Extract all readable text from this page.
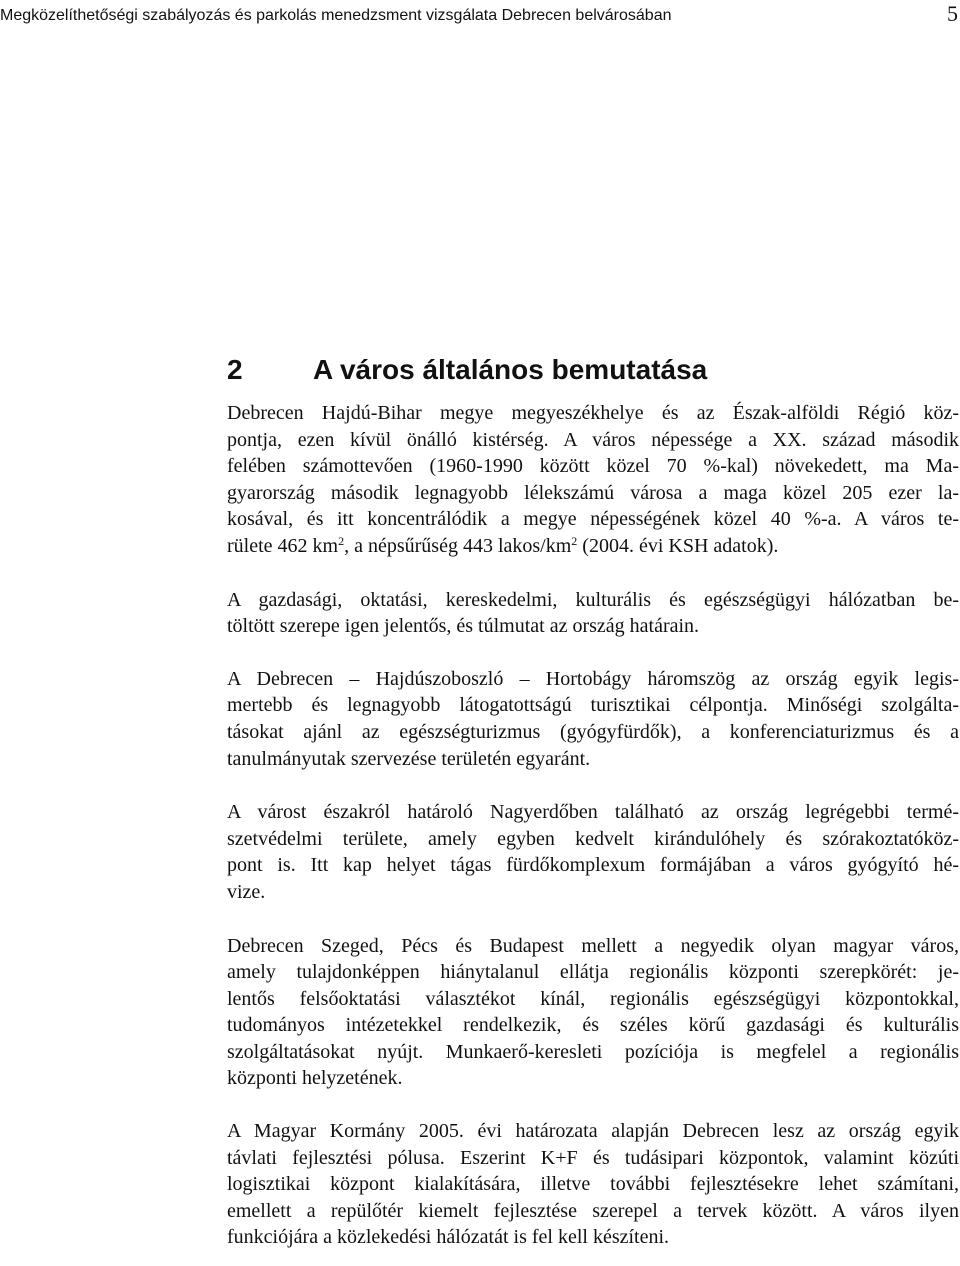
Megközelíthetőségi szabályozás és parkolás menedzsment vizsgálata Debrecen belvárosában	5
2	A város általános bemutatása

Debrecen Hajdú-Bihar megye megyeszékhelye és az Észak-alföldi Régió köz-
pontja, ezen kívül önálló kistérség. A város népessége a XX. század második
felében számottevően (1960-1990 között közel 70 %-kal) növekedett, ma Ma-
gyarország második legnagyobb lélekszámú városa a maga közel 205 ezer la-
kosával, és itt koncentrálódik a megye népességének közel 40 %-a. A város te-
rülete 462 $km^2$, a népsűrűség 443 lakos/$km^2$ (2004. évi KSH adatok).

A gazdasági, oktatási, kereskedelmi, kulturális és egészségügyi hálózatban be-
töltött szerepe igen jelentős, és túlmutat az ország határain.

A Debrecen – Hajdúszoboszló – Hortobágy háromszög az ország egyik legis-
mertebb és legnagyobb látogatottságú turisztikai célpontja. Minőségi szolgálta-
tásokat ajánl az egészségturizmus (gyógyfürdők), a konferenciaturizmus és a
tanulmányutak szervezése területén egyaránt.

A várost északról határoló Nagyerdőben található az ország legrégebbi termé-
szetvédelmi területe, amely egyben kedvelt kirándulóhely és szórakoztatóköz-
pont is. Itt kap helyet tágas fürdőkomplexum formájában a város gyógyító hé-
vize.

Debrecen Szeged, Pécs és Budapest mellett a negyedik olyan magyar város,
amely tulajdonképpen hiánytalanul ellátja regionális központi szerepkörét: je-
lentős felsőoktatási választékot kínál, regionális egészségügyi központokkal,
tudományos intézetekkel rendelkezik, és széles körű gazdasági és kulturális
szolgáltatásokat nyújt. Munkaerő-keresleti pozíciója is megfelel a regionális
központi helyzetének.

A Magyar Kormány 2005. évi határozata alapján Debrecen lesz az ország egyik
távlati fejlesztési pólusa. Eszerint K+F és tudásipari központok, valamint közúti
logisztikai központ kialakítására, illetve további fejlesztésekre lehet számítani,
emellett a repülőtér kiemelt fejlesztése szerepel a tervek között. A város ilyen
funkciójára a közlekedési hálózatát is fel kell készíteni.
